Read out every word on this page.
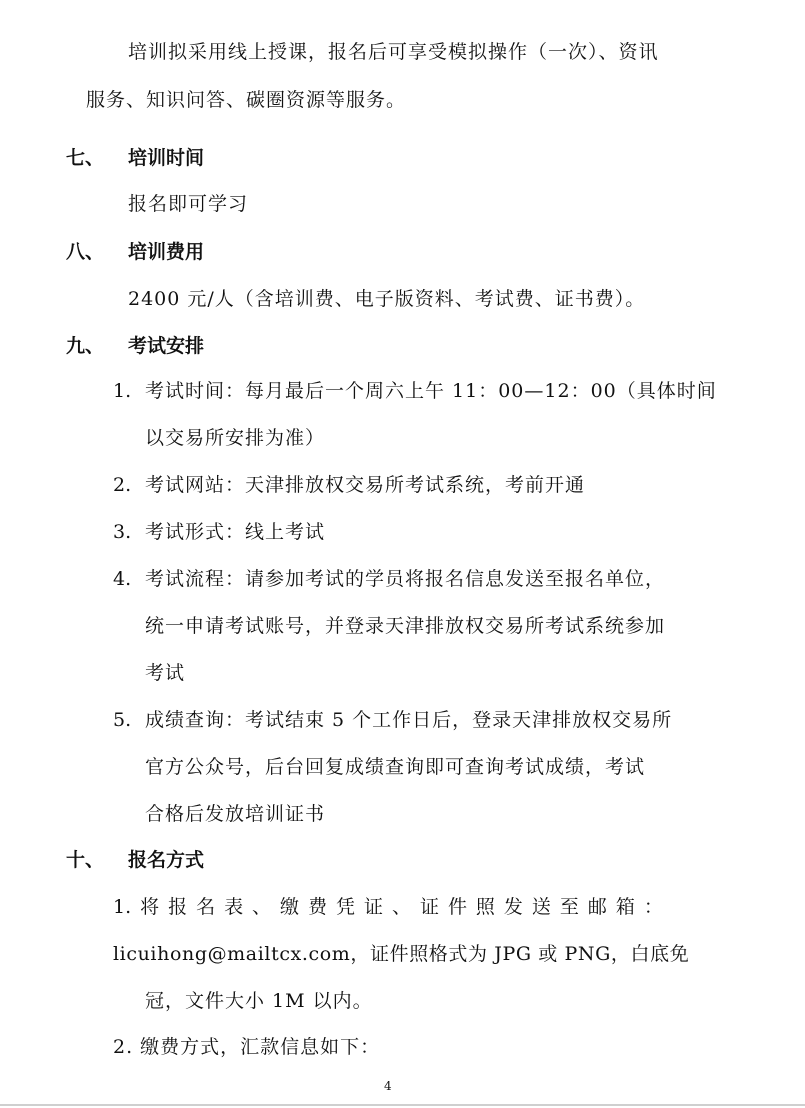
培训拟采用线上授课，报名后可享受模拟操作（一次）、资讯
服务、知识问答、碳圈资源等服务。
七、 培训时间
报名即可学习
八、 培训费用
2400 元/人（含培训费、电子版资料、考试费、证书费）。
九、 考试安排
1. 考试时间：每月最后一个周六上午 11：00—12：00（具体时间
以交易所安排为准）
2. 考试网站：天津排放权交易所考试系统，考前开通
3. 考试形式：线上考试
4. 考试流程：请参加考试的学员将报名信息发送至报名单位，
统一申请考试账号，并登录天津排放权交易所考试系统参加
考试
5. 成绩查询：考试结束 5 个工作日后，登录天津排放权交易所
官方公众号，后台回复成绩查询即可查询考试成绩，考试
合格后发放培训证书
十、 报名方式
1. 将 报 名 表 、 缴 费 凭 证 、 证 件 照 发 送 至 邮 箱 ：
licuihong@mailtcx.com，证件照格式为 JPG 或 PNG，白底免
冠，文件大小 1M 以内。
2. 缴费方式，汇款信息如下：
4
